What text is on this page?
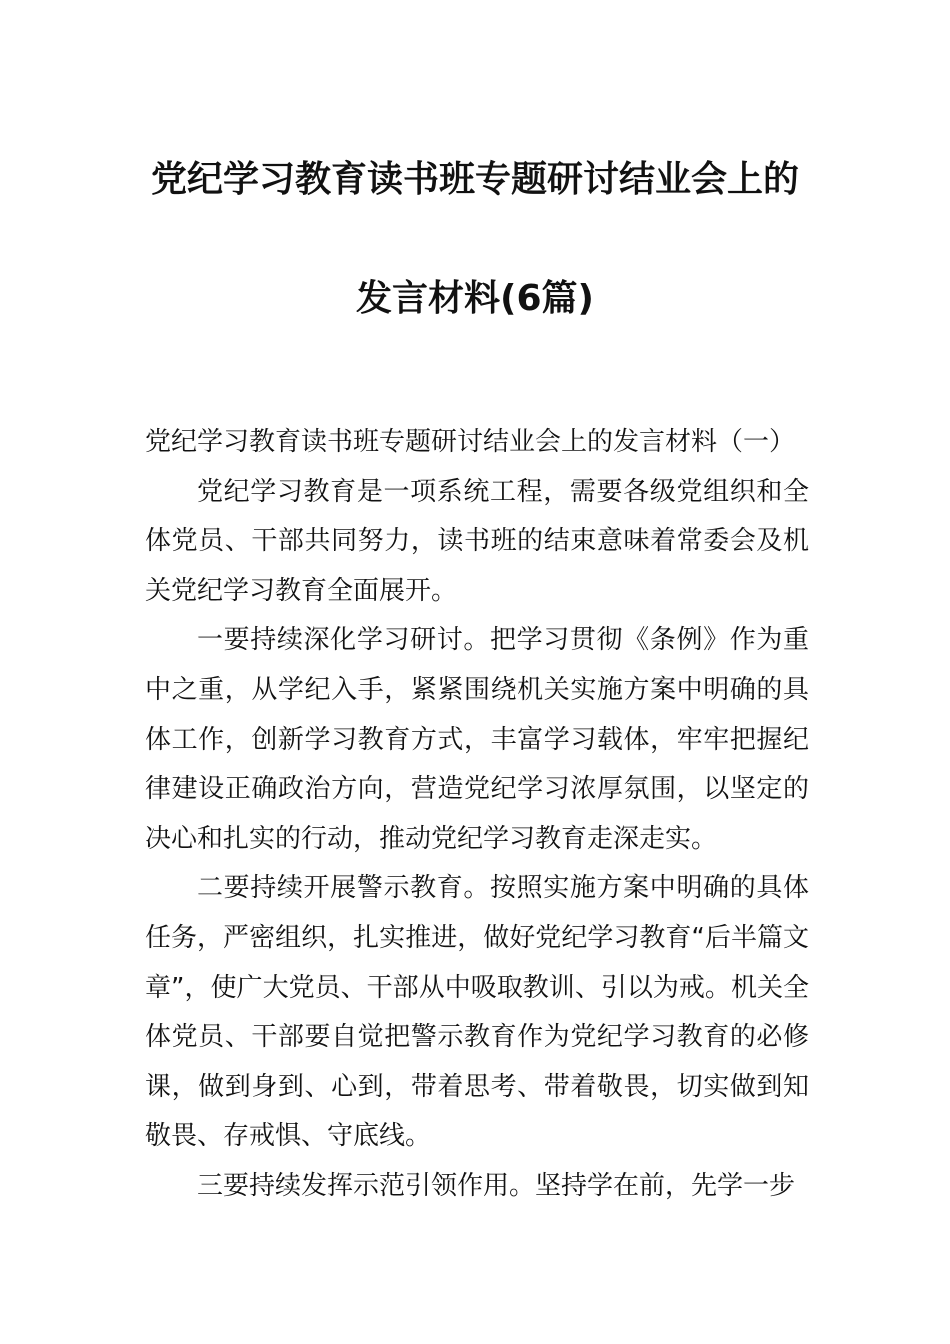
党纪学习教育读书班专题研讨结业会上的
发言材料(6篇)

党纪学习教育读书班专题研讨结业会上的发言材料（一）

党纪学习教育是一项系统工程，需要各级党组织和全体党员、干部共同努力，读书班的结束意味着常委会及机关党纪学习教育全面展开。

一要持续深化学习研讨。把学习贯彻《条例》作为重中之重，从学纪入手，紧紧围绕机关实施方案中明确的具体工作，创新学习教育方式，丰富学习载体，牢牢把握纪律建设正确政治方向，营造党纪学习浓厚氛围，以坚定的决心和扎实的行动，推动党纪学习教育走深走实。

二要持续开展警示教育。按照实施方案中明确的具体任务，严密组织，扎实推进，做好党纪学习教育“后半篇文章”，使广大党员、干部从中吸取教训、引以为戒。机关全体党员、干部要自觉把警示教育作为党纪学习教育的必修课，做到身到、心到，带着思考、带着敬畏，切实做到知敬畏、存戒惧、守底线。

三要持续发挥示范引领作用。坚持学在前，先学一步
